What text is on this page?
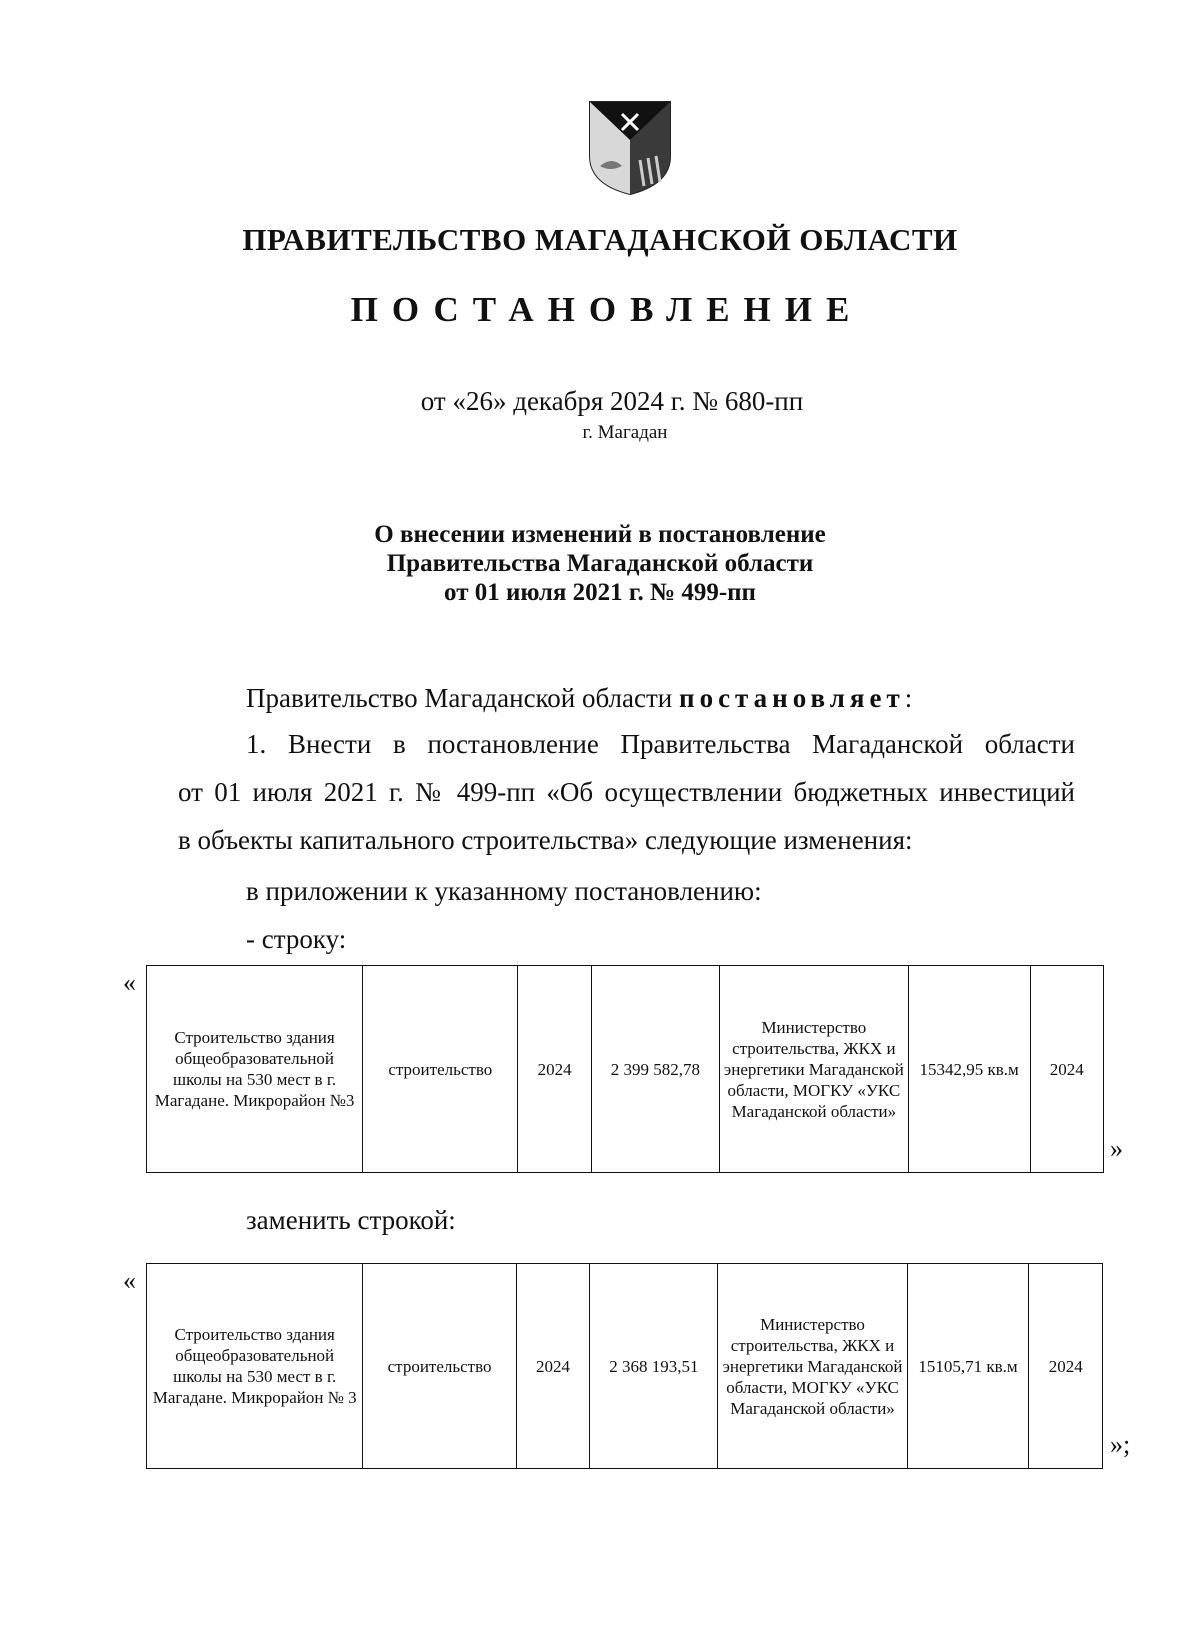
ПРАВИТЕЛЬСТВО МАГАДАНСКОЙ ОБЛАСТИ
ПОСТАНОВЛЕНИЕ
от «26» декабря 2024 г. № 680-пп
г. Магадан
О внесении изменений в постановление
Правительства Магаданской области
от 01 июля 2021 г. № 499-пп
Правительство Магаданской области постановляет:
1. Внести в постановление Правительства Магаданской области
от 01 июля 2021 г. № 499-пп «Об осуществлении бюджетных инвестиций
в объекты капитального строительства» следующие изменения:
в приложении к указанному постановлению:
- строку:
«
Строительство здания общеобразовательной школы на 530 мест в г. Магадане. Микрорайон №3	строительство	2024	2 399 582,78	Министерство строительства, ЖКХ и энергетики Магаданской области, МОГКУ «УКС Магаданской области»	15342,95 кв.м	2024
»
заменить строкой:
«
Строительство здания общеобразовательной школы на 530 мест в г. Магадане. Микрорайон № 3	строительство	2024	2 368 193,51	Министерство строительства, ЖКХ и энергетики Магаданской области, МОГКУ «УКС Магаданской области»	15105,71 кв.м	2024
»;
